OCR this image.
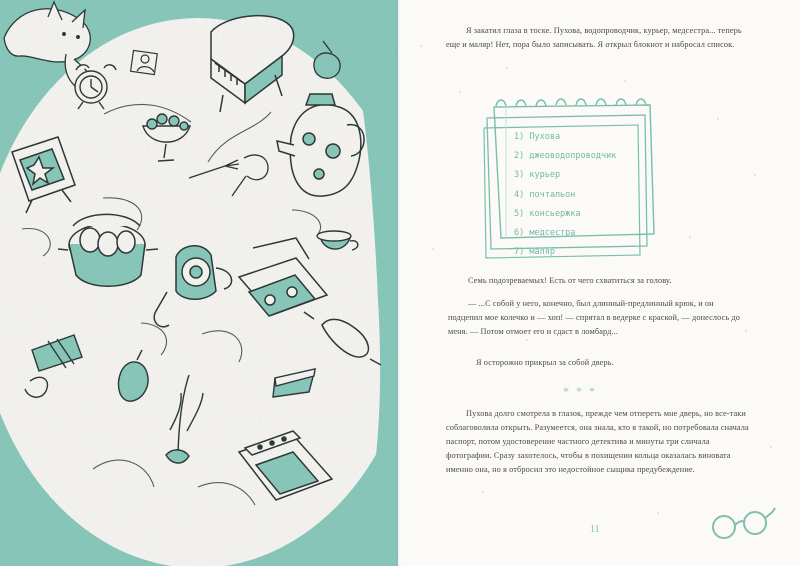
Я закатил глаза в тоске. Пухова, водопроводчик, курьер, медсестра... теперь еще и маляр! Нет, пора было записывать. Я открыл блокнот и набросал список.

1) Пухова
2) джеоводопроводчик
3) курьер
4) почтальон
5) консьержка
6) медсестра
7) маляр

Семь подозреваемых! Есть от чего схватиться за голову.

— ...С собой у него, конечно, был длинный-предлинный крюк, и он подцепил мое колечко и — хоп! — спрятал в ведерке с краской, — донеслось до меня. — Потом отмоет его и сдаст в ломбард...

Я осторожно прикрыл за собой дверь.

* * *

Пухова долго смотрела в глазок, прежде чем отпереть мне дверь, но все-таки соблаговолила открыть. Разумеется, она знала, кто я такой, но потребовала сначала паспорт, потом удостоверение частного детектива и минуты три сличала фотографии. Сразу захотелось, чтобы в похищении кольца оказалась виновата именно она, но я отбросил это недостойное сыщика предубеждение.

11
